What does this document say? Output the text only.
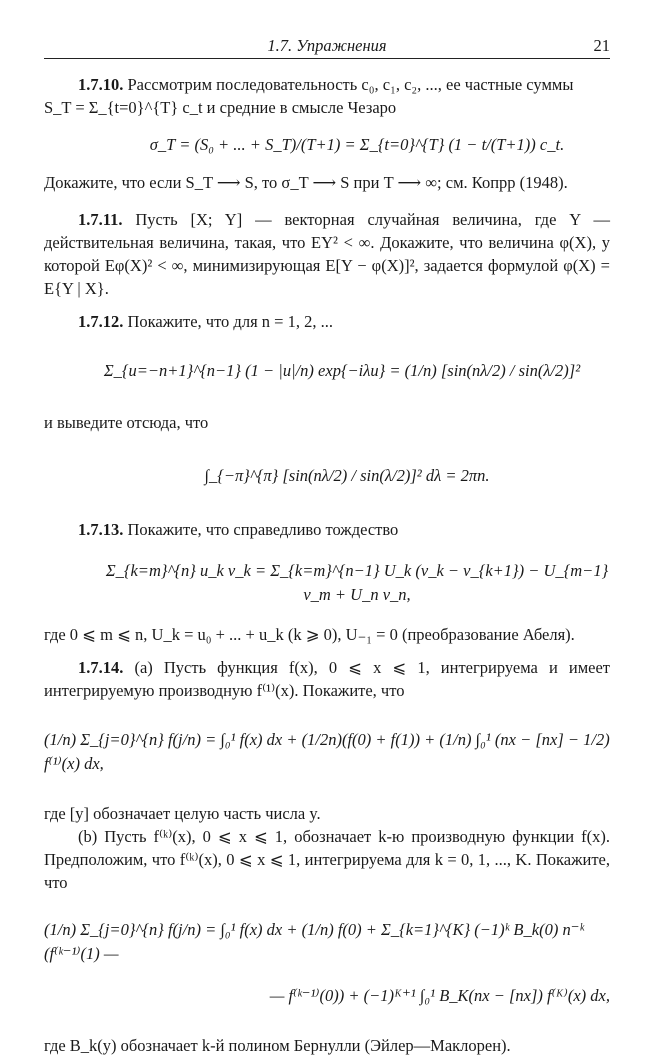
1.7. Упражнения	21

1.7.10. Рассмотрим последовательность c₀, c₁, c₂, ..., ее частные суммы

S_T = Σ_{t=0}^{T} c_t и средние в смысле Чезаро

σ_T = (S₀ + ... + S_T)/(T+1) = Σ_{t=0}^{T} (1 − t/(T+1)) c_t.

Докажите, что если S_T ⟶ S, то σ_T ⟶ S при T ⟶ ∞; см. Копрр (1948).

1.7.11. Пусть [X; Y] — векторная случайная величина, где Y — действительная величина, такая, что EY² < ∞. Докажите, что величина φ(X), у которой Eφ(X)² < ∞, минимизирующая E[Y − φ(X)]², задается формулой φ(X) = E{Y | X}.

1.7.12. Покажите, что для n = 1, 2, ...

Σ_{u=−n+1}^{n−1} (1 − |u|/n) exp{−iλu} = (1/n) [sin(nλ/2) / sin(λ/2)]²

и выведите отсюда, что

∫_{−π}^{π} [sin(nλ/2) / sin(λ/2)]² dλ = 2πn.

1.7.13. Покажите, что справедливо тождество

Σ_{k=m}^{n} u_k v_k = Σ_{k=m}^{n−1} U_k (v_k − v_{k+1}) − U_{m−1} v_m + U_n v_n,

где 0 ⩽ m ⩽ n, U_k = u₀ + ... + u_k (k ⩾ 0), U₋₁ = 0 (преобразование Абеля).

1.7.14. (a) Пусть функция f(x), 0 ⩽ x ⩽ 1, интегрируема и имеет интегрируемую производную f⁽¹⁾(x). Покажите, что

(1/n) Σ_{j=0}^{n} f(j/n) = ∫₀¹ f(x) dx + (1/2n)(f(0) + f(1)) + (1/n) ∫₀¹ (nx − [nx] − 1/2) f⁽¹⁾(x) dx,

где [y] обозначает целую часть числа y.

(b) Пусть f⁽ᵏ⁾(x), 0 ⩽ x ⩽ 1, обозначает k-ю производную функции f(x). Предположим, что f⁽ᵏ⁾(x), 0 ⩽ x ⩽ 1, интегрируема для k = 0, 1, ..., K. Покажите, что

(1/n) Σ_{j=0}^{n} f(j/n) = ∫₀¹ f(x) dx + (1/n) f(0) + Σ_{k=1}^{K} (−1)ᵏ B_k(0) n⁻ᵏ (f⁽ᵏ⁻¹⁾(1) —
— f⁽ᵏ⁻¹⁾(0)) + (−1)ᴷ⁺¹ ∫₀¹ B_K(nx − [nx]) f⁽ᴷ⁾(x) dx,

где B_k(y) обозначает k-й полином Бернулли (Эйлер—Маклорен).
